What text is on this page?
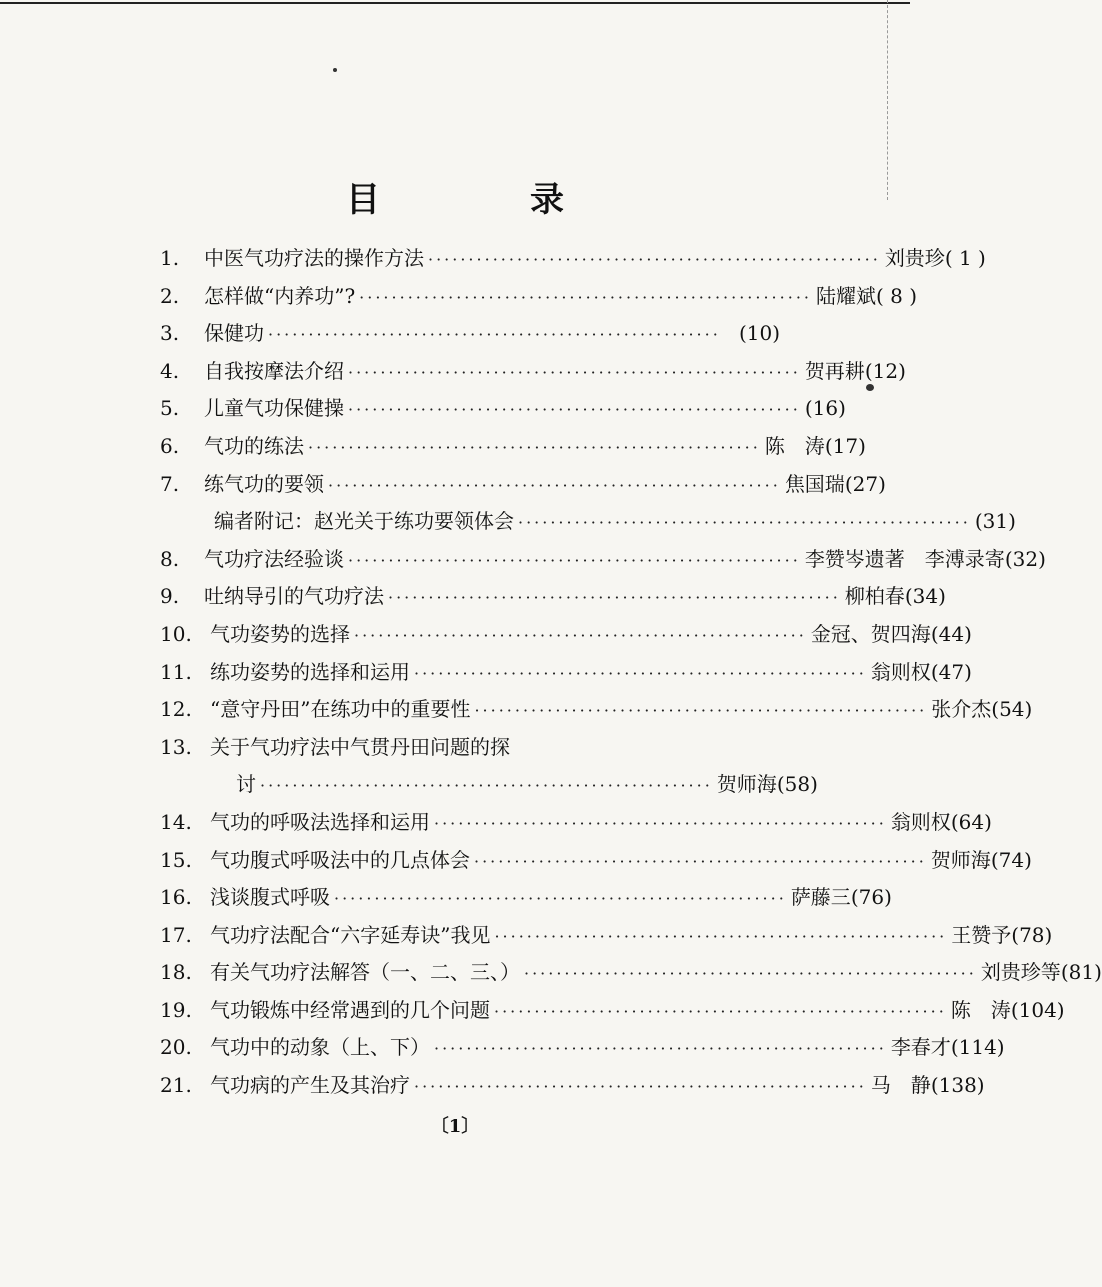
目　录
1.	中医气功疗法的操作方法 ························································ 刘贵珍 ( 1 )
2.	怎样做“内养功”? ························································ 陆耀斌 ( 8 )
3.	保健功 ························································ (10)
4.	自我按摩法介绍 ························································ 贺再耕 (12)
5.	儿童气功保健操 ························································ (16)
6.	气功的练法 ························································ 陈　涛 (17)
7.	练气功的要领 ························································ 焦国瑞 (27)
编者附记：赵光关于练功要领体会 ························································ (31)
8.	气功疗法经验谈 ························································ 李赞岑遗著　李溥录寄 (32)
9.	吐纳导引的气功疗法 ························································ 柳柏春 (34)
10. 气功姿势的选择 ························································ 金冠、贺四海 (44)
11. 练功姿势的选择和运用 ························································ 翁则权 (47)
12. “意守丹田”在练功中的重要性 ························································ 张介杰 (54)
13. 关于气功疗法中气贯丹田问题的探
讨 ························································ 贺师海 (58)
14. 气功的呼吸法选择和运用 ························································ 翁则权 (64)
15. 气功腹式呼吸法中的几点体会 ························································ 贺师海 (74)
16. 浅谈腹式呼吸 ························································ 萨藤三 (76)
17. 气功疗法配合“六字延寿诀”我见 ························································ 王赞予 (78)
18. 有关气功疗法解答（一、二、三、） ························································ 刘贵珍等 (81)
19. 气功锻炼中经常遇到的几个问题 ························································ 陈　涛 (104)
20. 气功中的动象（上、下） ························································ 李春才 (114)
21. 气功病的产生及其治疗 ························································ 马　静 (138)
〔1〕
